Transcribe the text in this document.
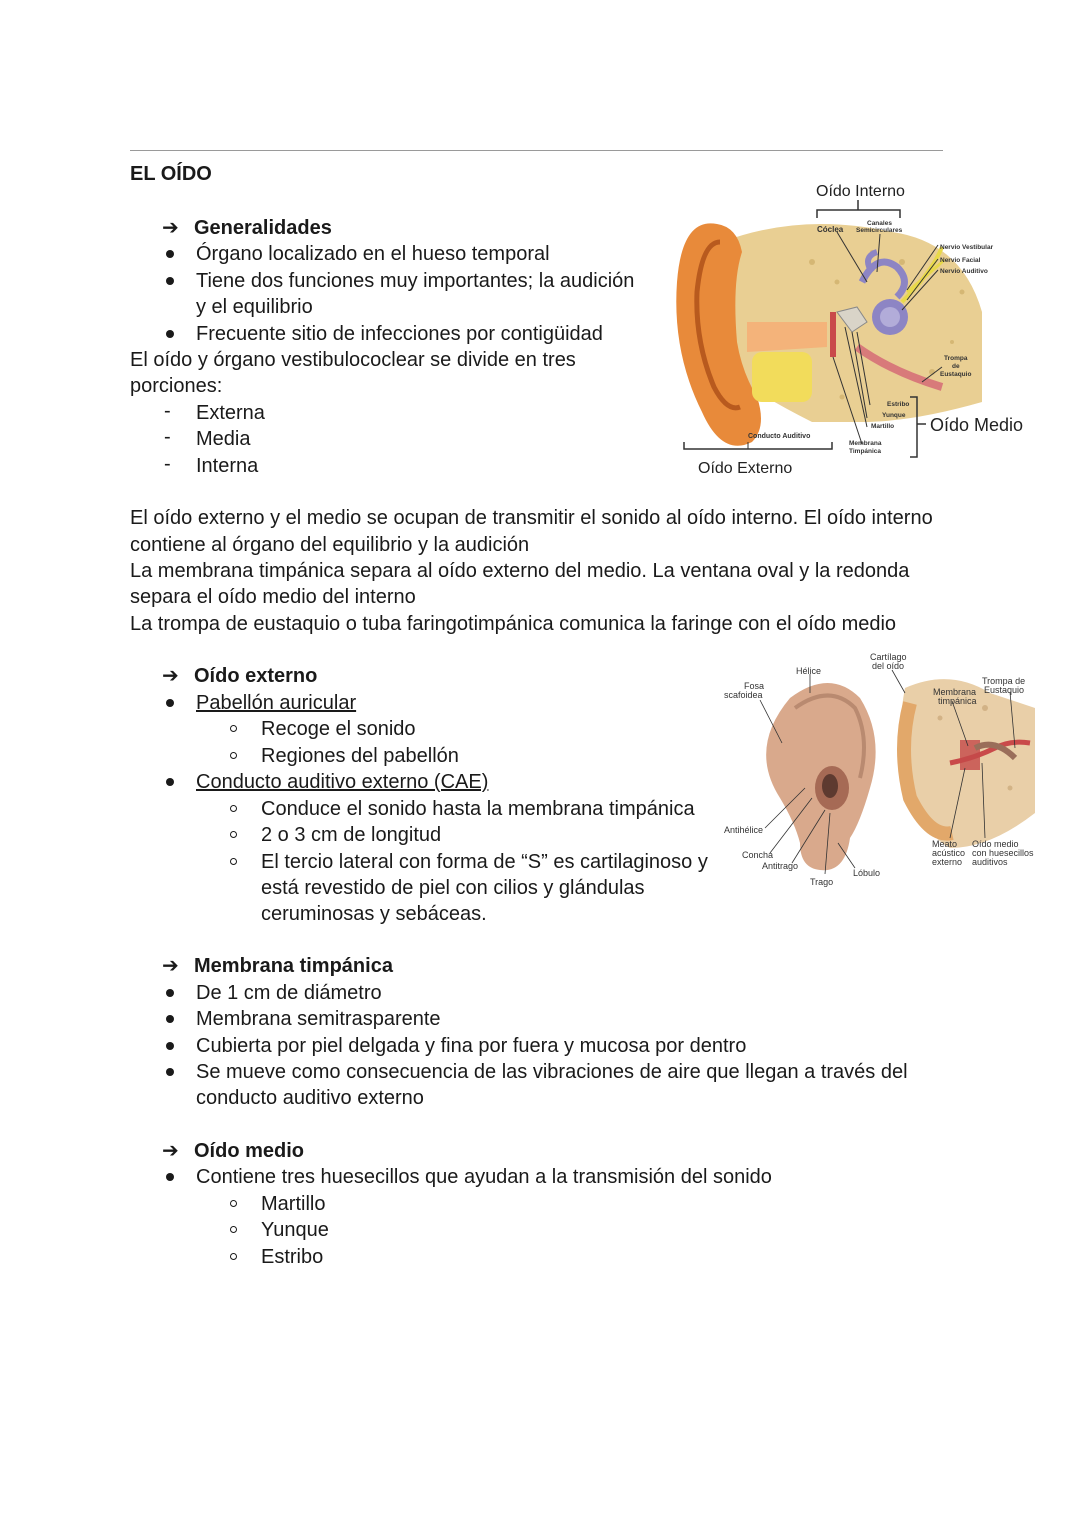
EL OÍDO
➔ Generalidades
Órgano localizado en el hueso temporal
Tiene dos funciones muy importantes; la audición
y el equilibrio
Frecuente sitio de infecciones por contigüidad
El oído y órgano vestibulococlear se divide en tres
porciones:
- Externa
- Media
- Interna
Oído Interno
Cóclea
Canales
Semicirculares
Nervio Vestibular
Nervio Facial
Nervio Auditivo
Trompa
de
Eustaquio
Estribo
Yunque
Martillo Oído Medio
Conducto Auditivo
Membrana
Timpánica
Oído Externo
El oído externo y el medio se ocupan de transmitir el sonido al oído interno. El oído interno
contiene al órgano del equilibrio y la audición
La membrana timpánica separa al oído externo del medio. La ventana oval y la redonda
separa el oído medio del interno
La trompa de eustaquio o tuba faringotimpánica comunica la faringe con el oído medio
➔ Oído externo
Pabellón auricular
Recoge el sonido
Regiones del pabellón
Conducto auditivo externo (CAE)
Conduce el sonido hasta la membrana timpánica
2 o 3 cm de longitud
El tercio lateral con forma de “S” es cartilaginoso y
está revestido de piel con cilios y glándulas
ceruminosas y sebáceas.
Cartílago
del oído
Hélice
Fosa
scafoidea
Trompa de
Eustaquio
Membrana
timpánica
Antihélice
Concha
Antitrago
Trago
Lóbulo
Meato
acústico
externo
Oído medio
con huesecillos
auditivos
➔ Membrana timpánica
De 1 cm de diámetro
Membrana semitrasparente
Cubierta por piel delgada y fina por fuera y mucosa por dentro
Se mueve como consecuencia de las vibraciones de aire que llegan a través del
conducto auditivo externo
➔ Oído medio
Contiene tres huesecillos que ayudan a la transmisión del sonido
Martillo
Yunque
Estribo
